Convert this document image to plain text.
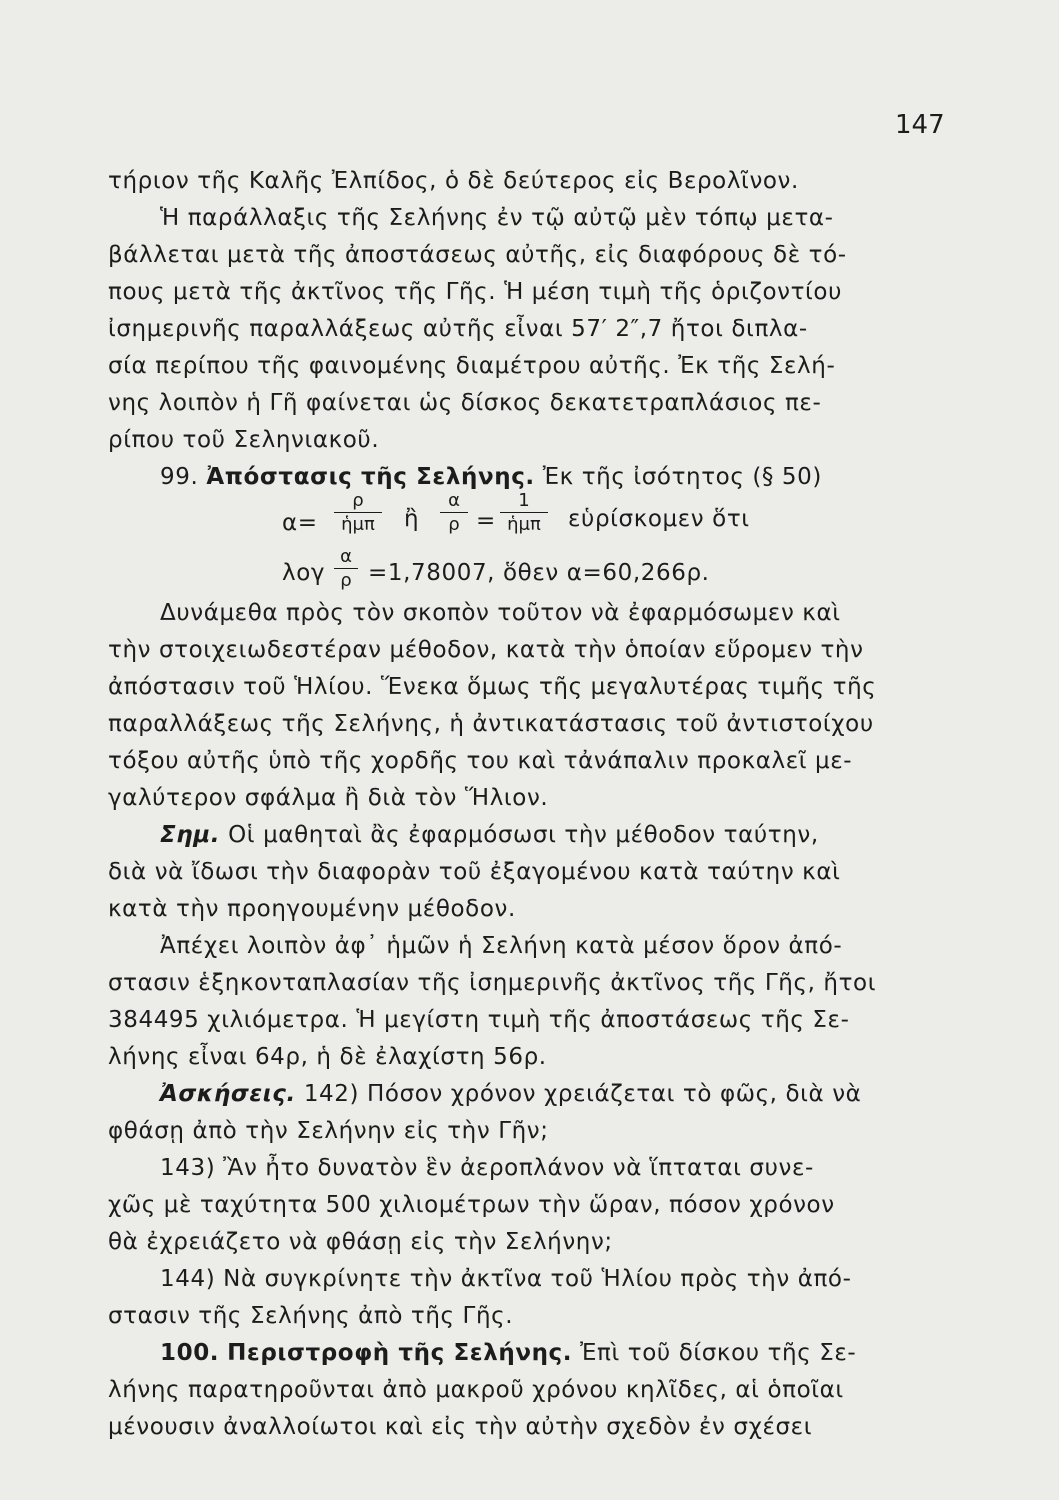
147
τήριον τῆς Καλῆς Ἐλπίδος, ὁ δὲ δεύτερος εἰς Βερολῖνον.
Ἡ παράλλαξις τῆς Σελήνης ἐν τῷ αὐτῷ μὲν τόπῳ μετα-
βάλλεται μετὰ τῆς ἀποστάσεως αὐτῆς, εἰς διαφόρους δὲ τό-
πους μετὰ τῆς ἀκτῖνος τῆς Γῆς. Ἡ μέση τιμὴ τῆς ὁριζοντίου
ἰσημερινῆς παραλλάξεως αὐτῆς εἶναι 57′ 2″,7 ἤτοι διπλα-
σία περίπου τῆς φαινομένης διαμέτρου αὐτῆς. Ἐκ τῆς Σελή-
νης λοιπὸν ἡ Γῆ φαίνεται ὡς δίσκος δεκατετραπλάσιος πε-
ρίπου τοῦ Σεληνιακοῦ.
99. Ἀπόστασις τῆς Σελήνης. Ἐκ τῆς ἰσότητος (§ 50)
α=
ρ
ἡμπ	ἢ
α
ρ =
1
ἡμπ	εὑρίσκομεν ὅτι
λογ
α
ρ =1,78007, ὅθεν α=60,266ρ.
Δυνάμεθα πρὸς τὸν σκοπὸν τοῦτον νὰ ἐφαρμόσωμεν καὶ
τὴν στοιχειωδεστέραν μέθοδον, κατὰ τὴν ὁποίαν εὕρομεν τὴν
ἀπόστασιν τοῦ Ἡλίου. Ἕνεκα ὅμως τῆς μεγαλυτέρας τιμῆς τῆς
παραλλάξεως τῆς Σελήνης, ἡ ἀντικατάστασις τοῦ ἀντιστοίχου
τόξου αὐτῆς ὑπὸ τῆς χορδῆς του καὶ τἀνάπαλιν προκαλεῖ με-
γαλύτερον σφάλμα ἢ διὰ τὸν Ἥλιον.
Σημ. Οἱ μαθηταὶ ἂς ἐφαρμόσωσι τὴν μέθοδον ταύτην,
διὰ νὰ ἴδωσι τὴν διαφορὰν τοῦ ἐξαγομένου κατὰ ταύτην καὶ
κατὰ τὴν προηγουμένην μέθοδον.
Ἀπέχει λοιπὸν ἀφ᾿ ἡμῶν ἡ Σελήνη κατὰ μέσον ὅρον ἀπό-
στασιν ἑξηκονταπλασίαν τῆς ἰσημερινῆς ἀκτῖνος τῆς Γῆς, ἤτοι
384495 χιλιόμετρα. Ἡ μεγίστη τιμὴ τῆς ἀποστάσεως τῆς Σε-
λήνης εἶναι 64ρ, ἡ δὲ ἐλαχίστη 56ρ.
Ἀσκήσεις. 142) Πόσον χρόνον χρειάζεται τὸ φῶς, διὰ νὰ
φθάσῃ ἀπὸ τὴν Σελήνην εἰς τὴν Γῆν;
143) Ἂν ἦτο δυνατὸν ἓν ἀεροπλάνον νὰ ἵπταται συνε-
χῶς μὲ ταχύτητα 500 χιλιομέτρων τὴν ὥραν, πόσον χρόνον
θὰ ἐχρειάζετο νὰ φθάσῃ εἰς τὴν Σελήνην;
144) Νὰ συγκρίνητε τὴν ἀκτῖνα τοῦ Ἡλίου πρὸς τὴν ἀπό-
στασιν τῆς Σελήνης ἀπὸ τῆς Γῆς.
100. Περιστροφὴ τῆς Σελήνης. Ἐπὶ τοῦ δίσκου τῆς Σε-
λήνης παρατηροῦνται ἀπὸ μακροῦ χρόνου κηλῖδες, αἱ ὁποῖαι
μένουσιν ἀναλλοίωτοι καὶ εἰς τὴν αὐτὴν σχεδὸν ἐν σχέσει
